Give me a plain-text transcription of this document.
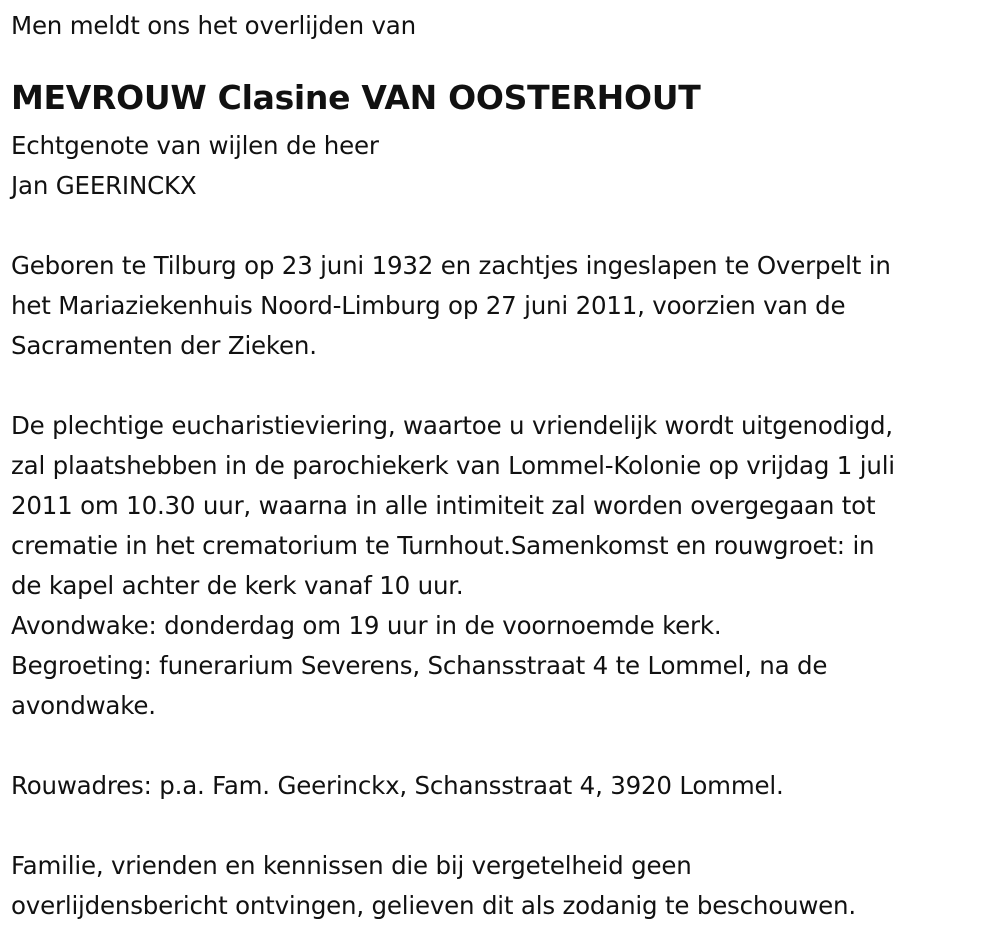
Men meldt ons het overlijden van
MEVROUW Clasine VAN OOSTERHOUT
Echtgenote van wijlen de heer
Jan GEERINCKX
Geboren te Tilburg op 23 juni 1932 en zachtjes ingeslapen te Overpelt in
het Mariaziekenhuis Noord-Limburg op 27 juni 2011, voorzien van de
Sacramenten der Zieken.
De plechtige eucharistieviering, waartoe u vriendelijk wordt uitgenodigd,
zal plaatshebben in de parochiekerk van Lommel-Kolonie op vrijdag 1 juli
2011 om 10.30 uur, waarna in alle intimiteit zal worden overgegaan tot
crematie in het crematorium te Turnhout.Samenkomst en rouwgroet: in
de kapel achter de kerk vanaf 10 uur.
Avondwake: donderdag om 19 uur in de voornoemde kerk.
Begroeting: funerarium Severens, Schansstraat 4 te Lommel, na de
avondwake.
Rouwadres: p.a. Fam. Geerinckx, Schansstraat 4, 3920 Lommel.
Familie, vrienden en kennissen die bij vergetelheid geen
overlijdensbericht ontvingen, gelieven dit als zodanig te beschouwen.
